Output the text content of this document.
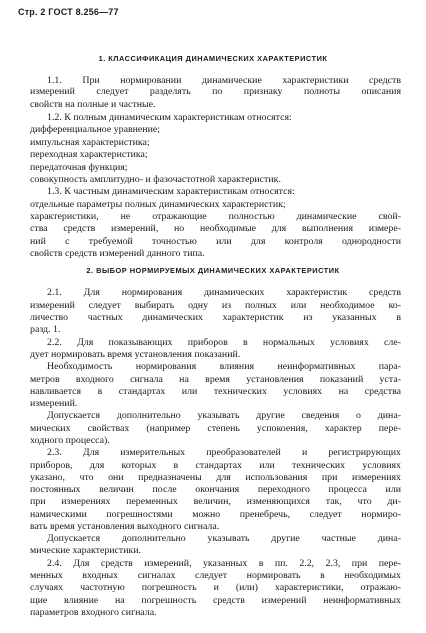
Стр. 2 ГОСТ 8.256—77
1. КЛАССИФИКАЦИЯ ДИНАМИЧЕСКИХ ХАРАКТЕРИСТИК
1.1. При нормировании динамические характеристики средств
измерений следует разделять по признаку полноты описания
свойств на полные и частные.
1.2. К полным динамическим характеристикам относятся:
дифференциальное уравнение;
импульсная характеристика;
переходная характеристика;
передаточная функция;
совокупность амплитудно- и фазочастотной характеристик.
1.3. К частным динамическим характеристикам относятся:
отдельные параметры полных динамических характеристик;
характеристики, не отражающие полностью динамические свой-
ства средств измерений, но необходимые для выполнения измере-
ний с требуемой точностью или для контроля однородности
свойств средств измерений данного типа.
2. ВЫБОР НОРМИРУЕМЫХ ДИНАМИЧЕСКИХ ХАРАКТЕРИСТИК
2.1. Для нормирования динамических характеристик средств
измерений следует выбирать одну из полных или необходимое ко-
личество частных динамических характеристик из указанных в
разд. 1.
2.2. Для показывающих приборов в нормальных условиях сле-
дует нормировать время установления показаний.
Необходимость нормирования влияния неинформативных пара-
метров входного сигнала на время установления показаний уста-
навливается в стандартах или технических условиях на средства
измерений.
Допускается дополнительно указывать другие сведения о дина-
мических свойствах (например степень успокоения, характер пере-
ходного процесса).
2.3. Для измерительных преобразователей и регистрирующих
приборов, для которых в стандартах или технических условиях
указано, что они предназначены для использования при измерениях
постоянных величин после окончания переходного процесса или
при измерениях переменных величин, изменяющихся так, что ди-
намическими погрешностями можно пренебречь, следует нормиро-
вать время установления выходного сигнала.
Допускается дополнительно указывать другие частные дина-
мические характеристики.
2.4. Для средств измерений, указанных в пп. 2.2, 2.3, при пере-
менных входных сигналах следует нормировать в необходимых
случаях частотную погрешность и (или) характеристики, отражаю-
щие влияние на погрешность средств измерений неинформативных
параметров входного сигнала.
